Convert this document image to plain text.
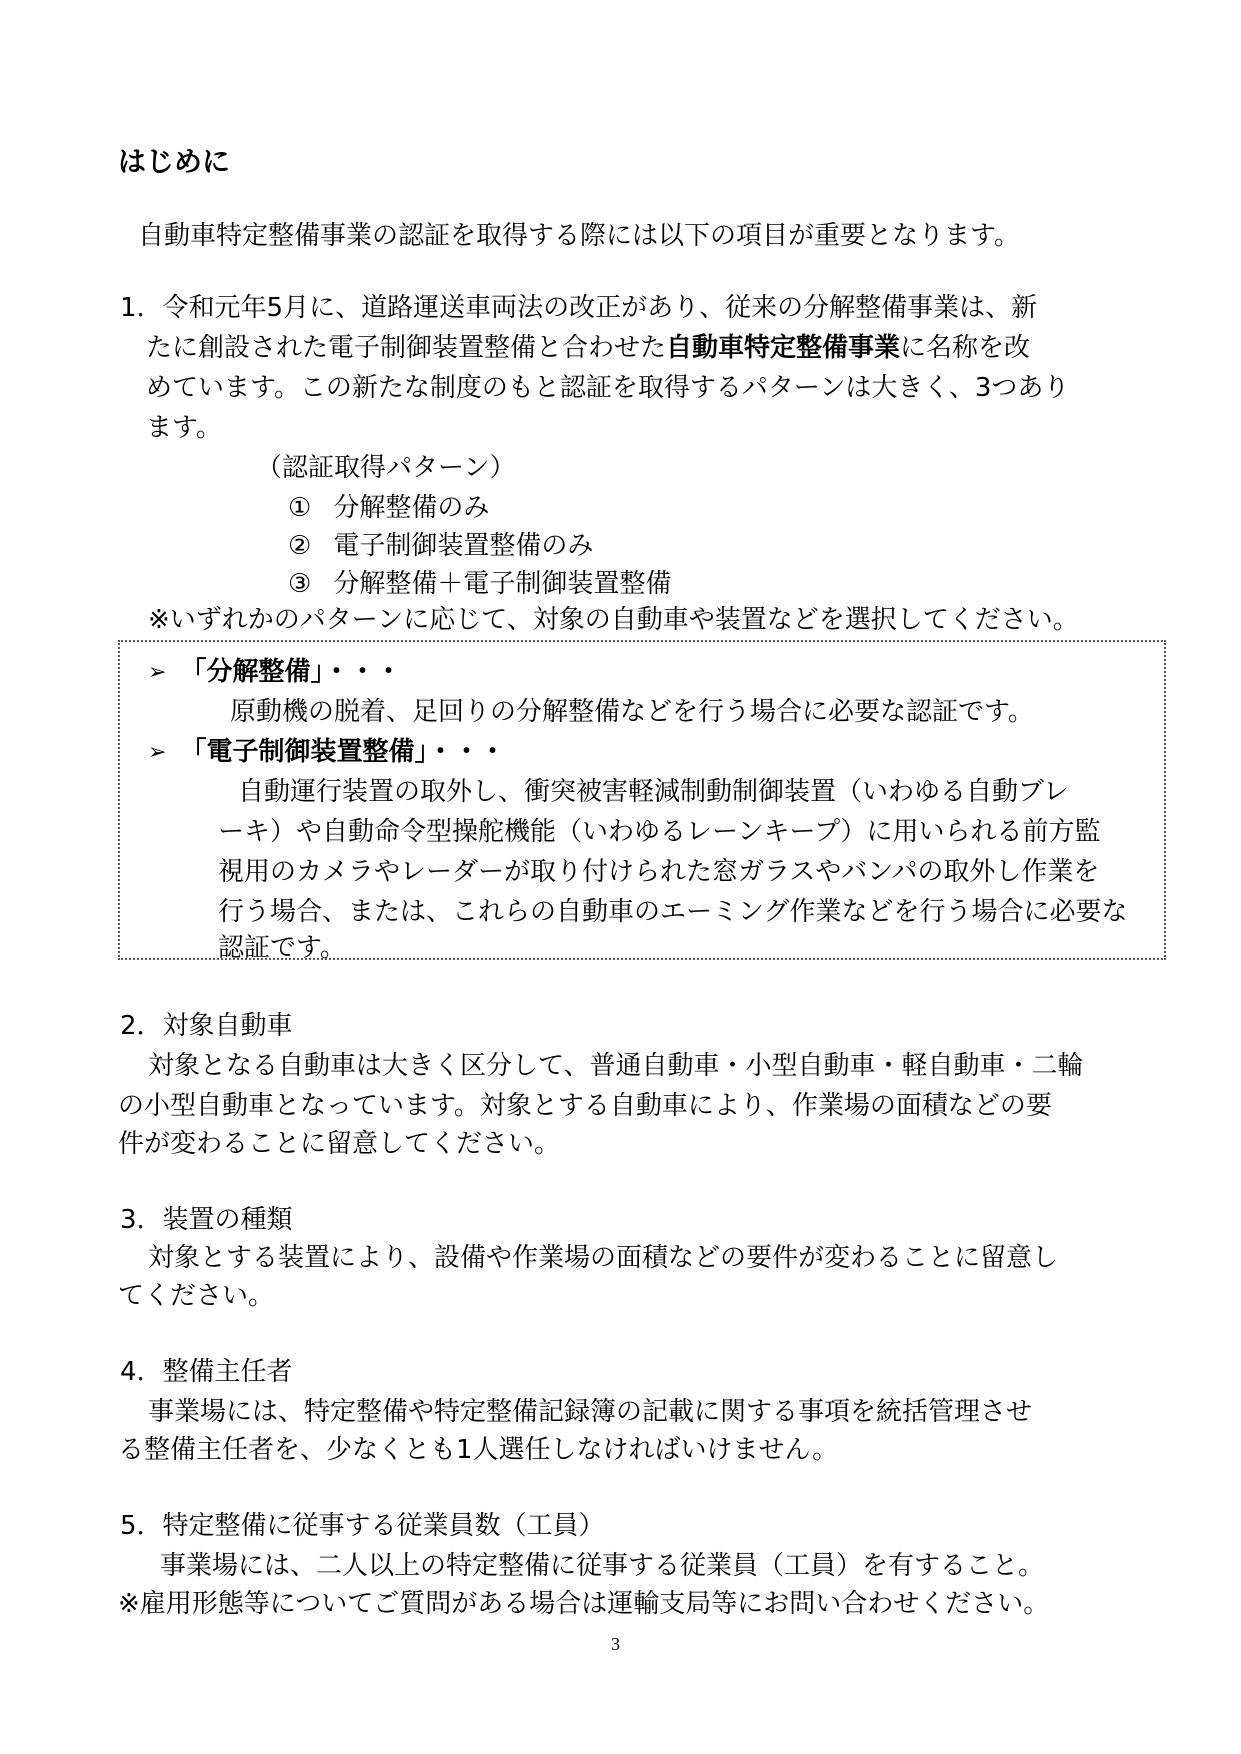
はじめに
自動車特定整備事業の認証を取得する際には以下の項目が重要となります。
1．令和元年5月に、道路運送車両法の改正があり、従来の分解整備事業は、新
たに創設された電子制御装置整備と合わせた自動車特定整備事業に名称を改
めています。この新たな制度のもと認証を取得するパターンは大きく、3つあり
ます。
（認証取得パターン）
① 分解整備のみ
② 電子制御装置整備のみ
③ 分解整備＋電子制御装置整備
※いずれかのパターンに応じて、対象の自動車や装置などを選択してください。
➢ 「分解整備」・・・
原動機の脱着、足回りの分解整備などを行う場合に必要な認証です。
➢ 「電子制御装置整備」・・・
自動運行装置の取外し、衝突被害軽減制動制御装置（いわゆる自動ブレ
ーキ）や自動命令型操舵機能（いわゆるレーンキープ）に用いられる前方監
視用のカメラやレーダーが取り付けられた窓ガラスやバンパの取外し作業を
行う場合、または、これらの自動車のエーミング作業などを行う場合に必要な
認証です。
2．対象自動車
対象となる自動車は大きく区分して、普通自動車・小型自動車・軽自動車・二輪
の小型自動車となっています。対象とする自動車により、作業場の面積などの要
件が変わることに留意してください。
3．装置の種類
対象とする装置により、設備や作業場の面積などの要件が変わることに留意し
てください。
4．整備主任者
事業場には、特定整備や特定整備記録簿の記載に関する事項を統括管理させ
る整備主任者を、少なくとも1人選任しなければいけません。
5．特定整備に従事する従業員数（工員）
事業場には、二人以上の特定整備に従事する従業員（工員）を有すること。
※雇用形態等についてご質問がある場合は運輸支局等にお問い合わせください。
3
